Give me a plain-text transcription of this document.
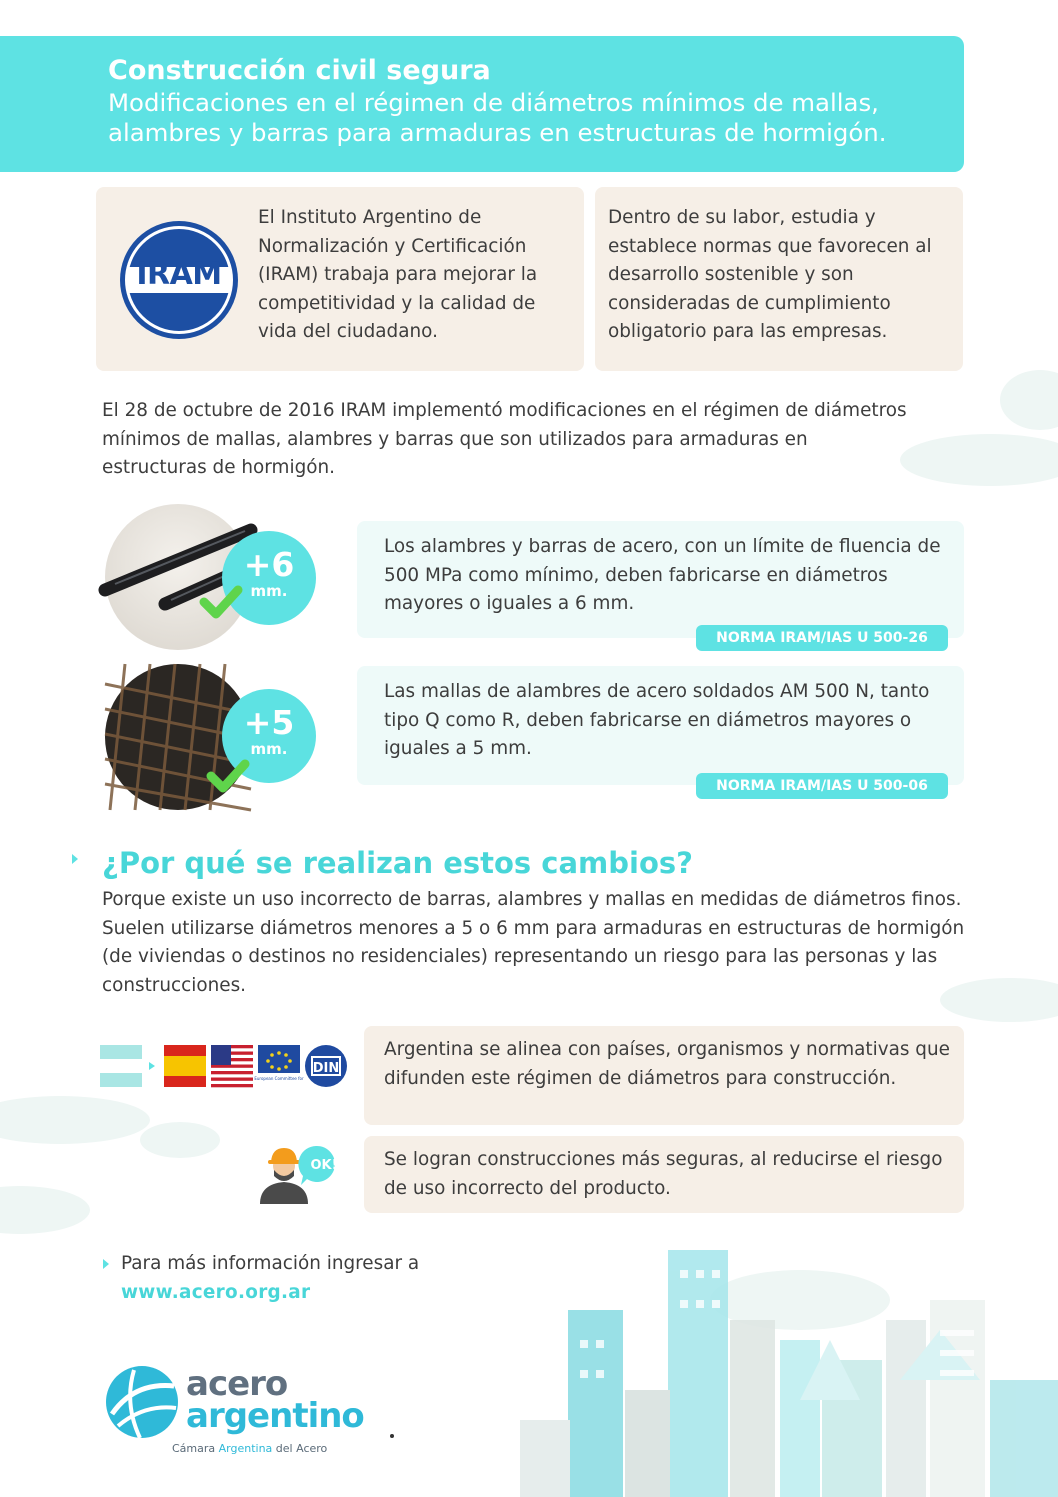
Construcción civil segura
Modificaciones en el régimen de diámetros mínimos de mallas,
alambres y barras para armaduras en estructuras de hormigón.
IRAM
El Instituto Argentino de Normalización y Certificación (IRAM) trabaja para mejorar la competitividad y la calidad de vida del ciudadano.
Dentro de su labor, estudia y establece normas que favorecen al desarrollo sostenible y son consideradas de cumplimiento obligatorio para las empresas.
El 28 de octubre de 2016 IRAM implementó modificaciones en el régimen de diámetros mínimos de mallas, alambres y barras que son utilizados para armaduras en estructuras de hormigón.
+6
mm.
Los alambres y barras de acero, con un límite de fluencia de 500 MPa como mínimo, deben fabricarse en diámetros mayores o iguales a 6 mm.
NORMA IRAM/IAS U 500-26
+5
mm.
Las mallas de alambres de acero soldados AM 500 N, tanto tipo Q como R, deben fabricarse en diámetros mayores o iguales a 5 mm.
NORMA IRAM/IAS U 500-06
¿Por qué se realizan estos cambios?
Porque existe un uso incorrecto de barras, alambres y mallas en medidas de diámetros finos. Suelen utilizarse diámetros menores a 5 o 6 mm para armaduras en estructuras de hormigón (de viviendas o destinos no residenciales) representando un riesgo para las personas y las construcciones.
European Committee for
DIN
Argentina se alinea con países, organismos y normativas que difunden este régimen de diámetros para construcción.
OK!	Se logran construcciones más seguras, al reducirse el riesgo de uso incorrecto del producto.
Para más información ingresar a
www.acero.org.ar
acero
argentino
Cámara Argentina del Acero
